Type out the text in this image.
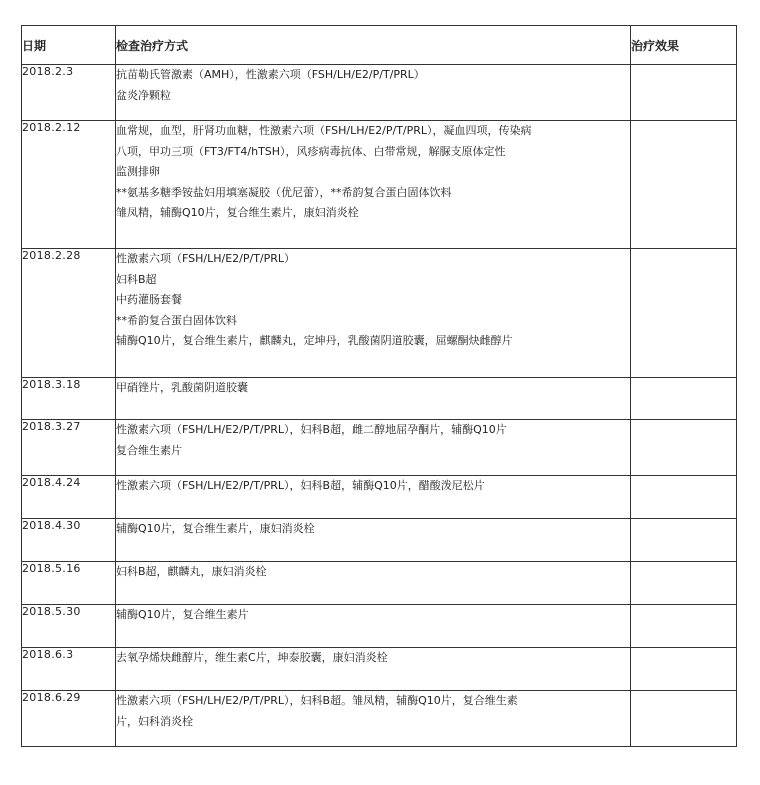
日期	检查治疗方式	治疗效果
2018.2.3	抗苗勒氏管激素（AMH），性激素六项（FSH/LH/E2/P/T/PRL）
盆炎净颗粒	

2018.2.12	血常规，血型，肝肾功血糖，性激素六项（FSH/LH/E2/P/T/PRL），凝血四项，传染病
八项，甲功三项（FT3/FT4/hTSH），风疹病毒抗体、白带常规，解脲支原体定性
监测排卵
**氨基多糖季铵盐妇用填塞凝胶（优尼蕾），**希韵复合蛋白固体饮料
雏凤精，辅酶Q10片，复合维生素片，康妇消炎栓	

2018.2.28	性激素六项（FSH/LH/E2/P/T/PRL）
妇科B超
中药灌肠套餐
**希韵复合蛋白固体饮料
辅酶Q10片，复合维生素片，麒麟丸，定坤丹，乳酸菌阴道胶囊，屈螺酮炔雌醇片	

2018.3.18	甲硝锉片，乳酸菌阴道胶囊	

2018.3.27	性激素六项（FSH/LH/E2/P/T/PRL），妇科B超，雌二醇地屈孕酮片，辅酶Q10片
复合维生素片	

2018.4.24	性激素六项（FSH/LH/E2/P/T/PRL），妇科B超，辅酶Q10片，醋酸泼尼松片	

2018.4.30	辅酶Q10片，复合维生素片，康妇消炎栓	

2018.5.16	妇科B超，麒麟丸，康妇消炎栓	

2018.5.30	辅酶Q10片，复合维生素片	

2018.6.3	去氧孕烯炔雌醇片，维生素C片，坤泰胶囊，康妇消炎栓	

2018.6.29	性激素六项（FSH/LH/E2/P/T/PRL），妇科B超。雏凤精，辅酶Q10片，复合维生素
片，妇科消炎栓	
